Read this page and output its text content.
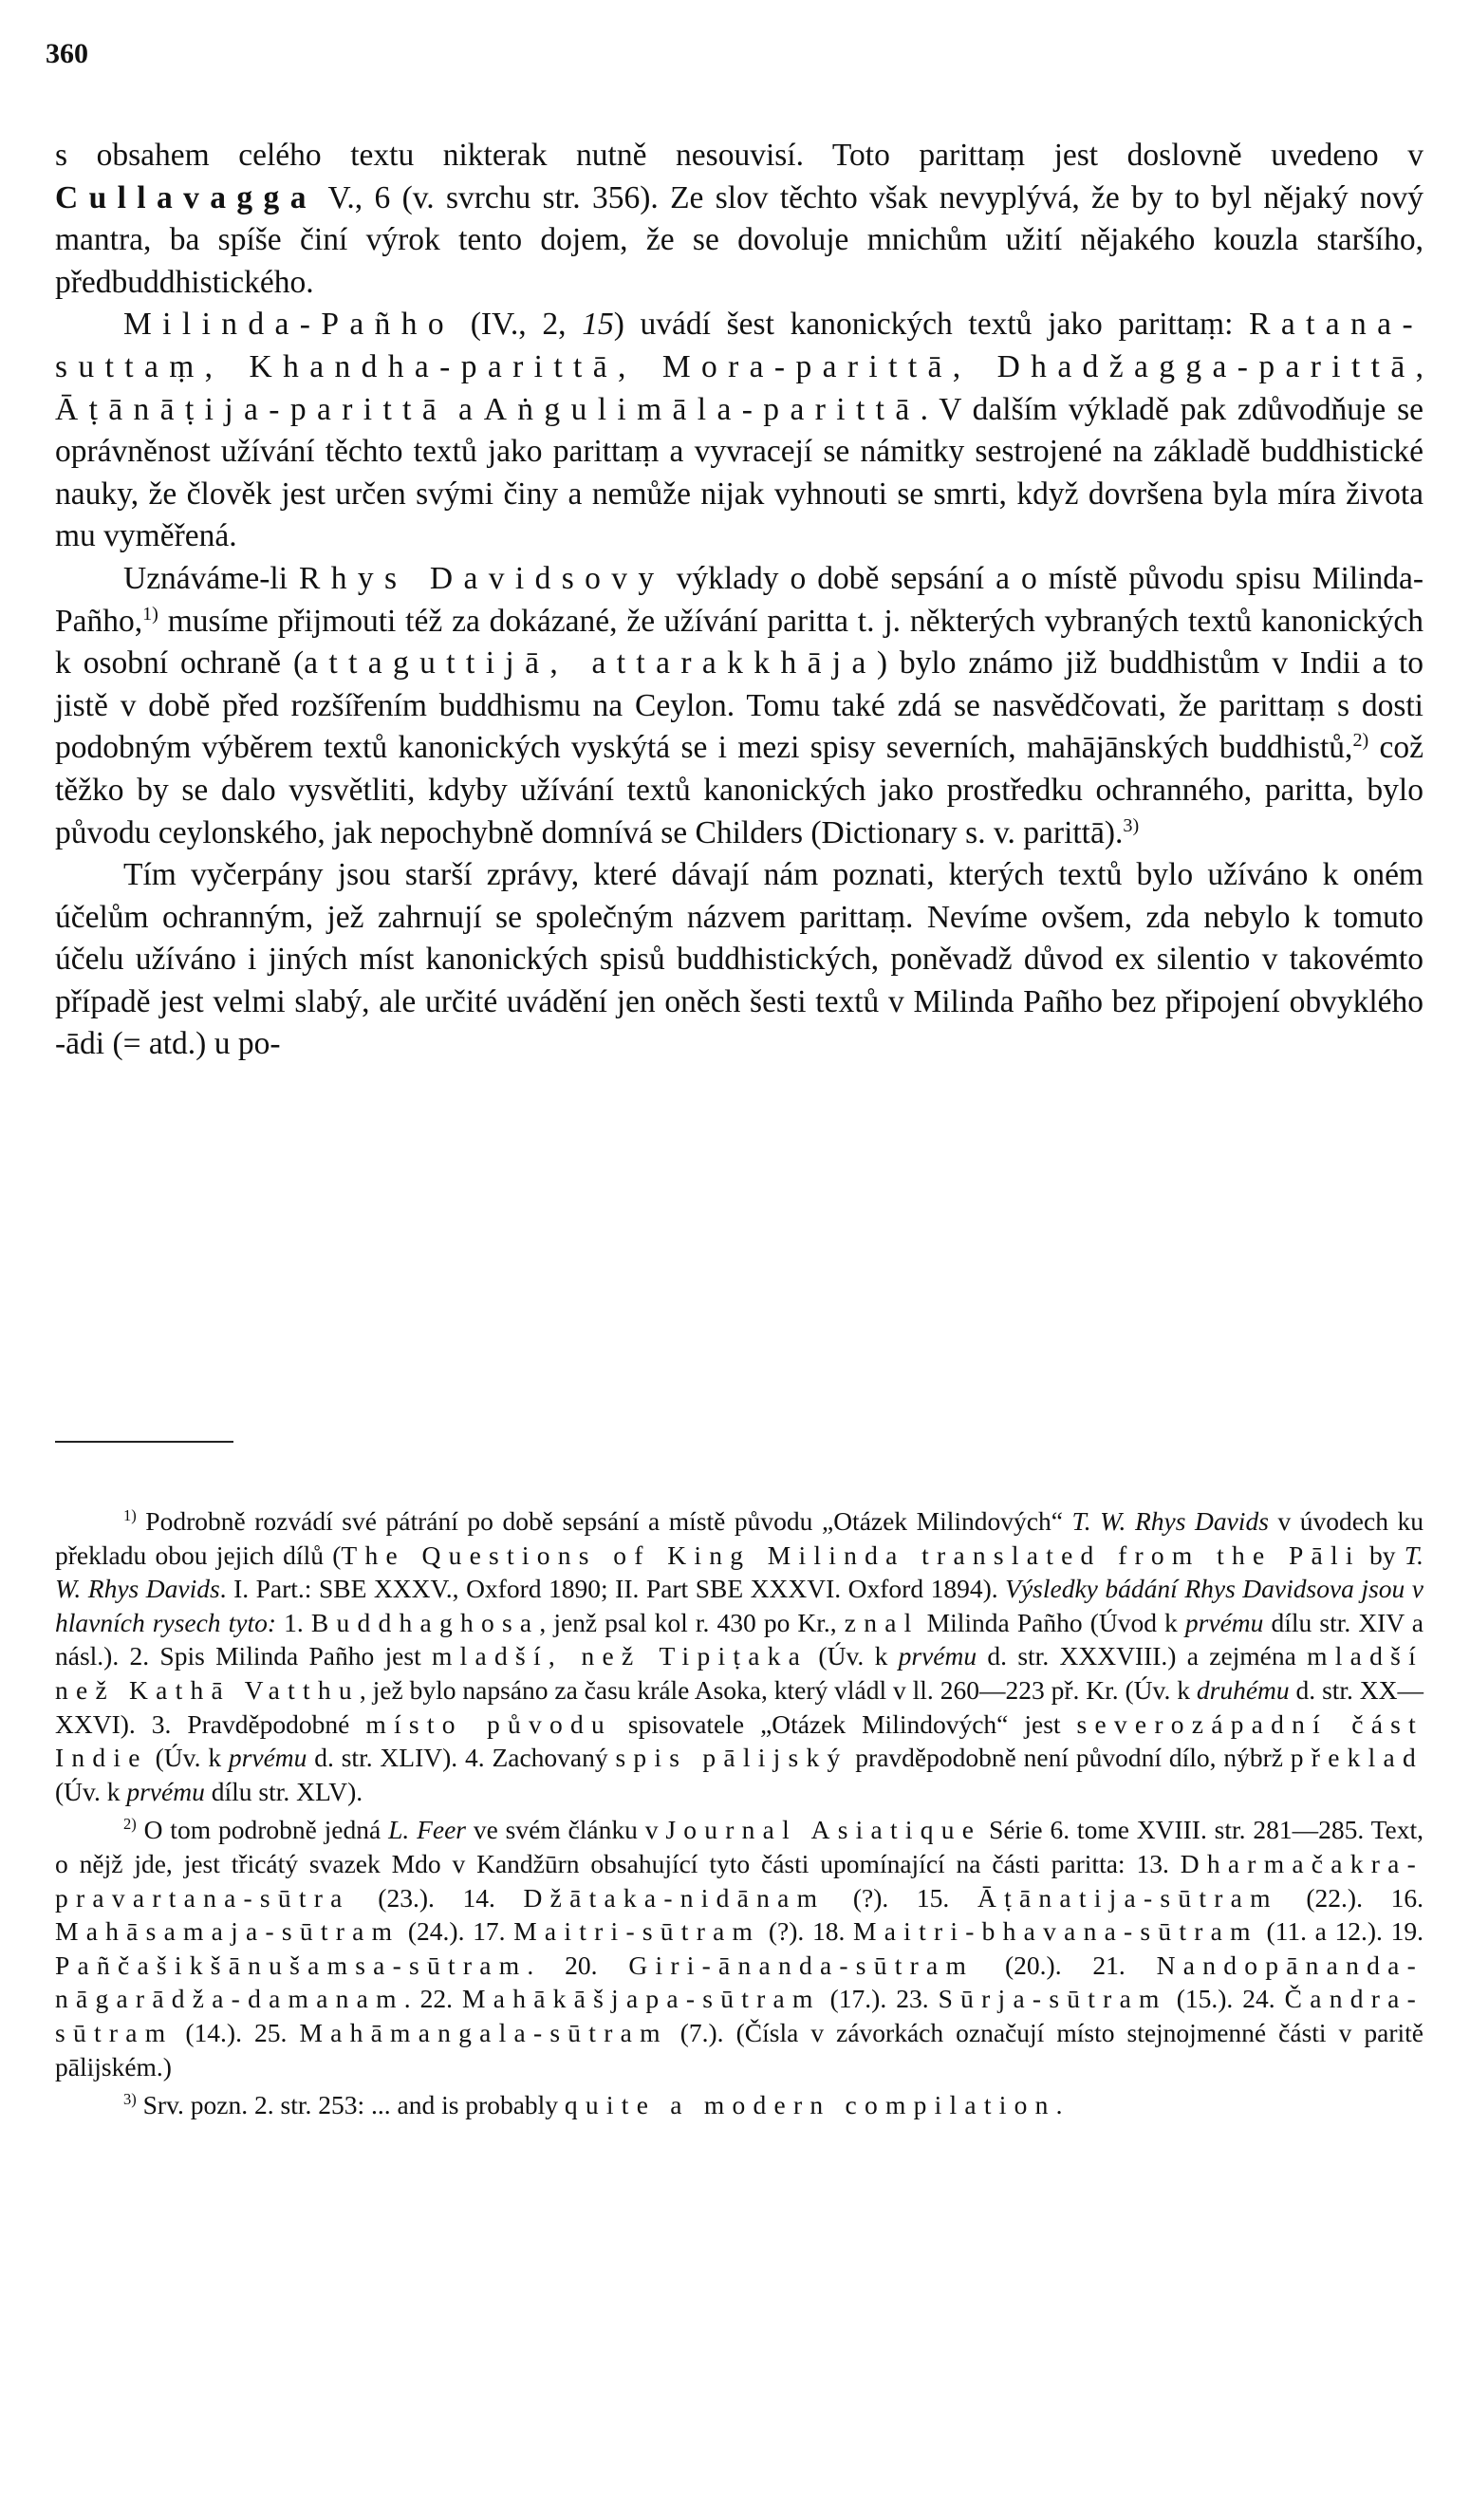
360

s obsahem celého textu nikterak nutně nesouvisí. Toto parittaṃ jest doslovně uvedeno v Cullavagga V., 6 (v. svrchu str. 356). Ze slov těchto však nevyplývá, že by to byl nějaký nový mantra, ba spíše činí výrok tento dojem, že se dovoluje mnichům užití nějakého kouzla staršího, předbuddhistického.

Milinda-Pañho (IV., 2, 15) uvádí šest kanonických textů jako parittaṃ: Ratana-suttaṃ, Khandha-parittā, Mora-parittā, Dhadžagga-parittā, Āṭānāṭija-parittā a Aṅgulimāla-parittā. V dalším výkladě pak zdůvodňuje se oprávněnost užívání těchto textů jako parittaṃ a vyvracejí se námitky sestrojené na základě buddhistické nauky, že člověk jest určen svými činy a nemůže nijak vyhnouti se smrti, když dovršena byla míra života mu vyměřená.

Uznáváme-li Rhys Davidsovy výklady o době sepsání a o místě původu spisu Milinda-Pañho,$^{1)}$ musíme přijmouti též za dokázané, že užívání paritta t. j. některých vybraných textů kanonických k osobní ochraně (attaguttijā, attarakkhāja) bylo známo již buddhistům v Indii a to jistě v době před rozšířením buddhismu na Ceylon. Tomu také zdá se nasvědčovati, že parittaṃ s dosti podobným výběrem textů kanonických vyskýtá se i mezi spisy severních, mahājānských buddhistů,$^{2)}$ což těžko by se dalo vysvětliti, kdyby užívání textů kanonických jako prostředku ochranného, paritta, bylo původu ceylonského, jak nepochybně domnívá se Childers (Dictionary s. v. parittā).$^{3)}$

Tím vyčerpány jsou starší zprávy, které dávají nám poznati, kterých textů bylo užíváno k oném účelům ochranným, jež zahrnují se společným názvem parittaṃ. Nevíme ovšem, zda nebylo k tomuto účelu užíváno i jiných míst kanonických spisů buddhistických, poněvadž důvod ex silentio v takovémto případě jest velmi slabý, ale určité uvádění jen oněch šesti textů v Milinda Pañho bez připojení obvyklého -ādi (= atd.) u po-

$^{1)}$ Podrobně rozvádí své pátrání po době sepsání a místě původu „Otázek Milindových“ T. W. Rhys Davids v úvodech ku překladu obou jejich dílů (The Questions of King Milinda translated from the Pāli by T. W. Rhys Davids. I. Part.: SBE XXXV., Oxford 1890; II. Part SBE XXXVI. Oxford 1894). Výsledky bádání Rhys Davidsova jsou v hlavních rysech tyto: 1. Buddhaghosa, jenž psal kol r. 430 po Kr., znal Milinda Pañho (Úvod k prvému dílu str. XIV a násl.). 2. Spis Milinda Pañho jest mladší, než Tipiṭaka (Úv. k prvému d. str. XXXVIII.) a zejména mladší než Kathā Vatthu, jež bylo napsáno za času krále Asoka, který vládl v ll. 260—223 př. Kr. (Úv. k druhému d. str. XX—XXVI). 3. Pravděpodobné místo původu spisovatele „Otázek Milindových“ jest severozápadní část Indie (Úv. k prvému d. str. XLIV). 4. Zachovaný spis pālijský pravděpodobně není původní dílo, nýbrž překlad (Úv. k prvému dílu str. XLV).

$^{2)}$ O tom podrobně jedná L. Feer ve svém článku v Journal Asiatique Série 6. tome XVIII. str. 281—285. Text, o nějž jde, jest třicátý svazek Mdo v Kandžūrn obsahující tyto části upomínající na části paritta: 13. Dharmačakra-pravartana-sūtra (23.). 14. Džātaka-nidānam (?). 15. Āṭānatija-sūtram (22.). 16. Mahāsamaja-sūtram (24.). 17. Maitri-sūtram (?). 18. Maitri-bhavana-sūtram (11. a 12.). 19. Pañčašikšānušamsa-sūtram. 20. Giri-ānanda-sūtram (20.). 21. Nandopānanda-nāgarādža-damanam. 22. Mahākāšjapa-sūtram (17.). 23. Sūrja-sūtram (15.). 24. Čandra-sūtram (14.). 25. Mahāmangala-sūtram (7.). (Čísla v závorkách označují místo stejnojmenné části v paritě pālijském.)

$^{3)}$ Srv. pozn. 2. str. 253: ... and is probably quite a modern compilation.
